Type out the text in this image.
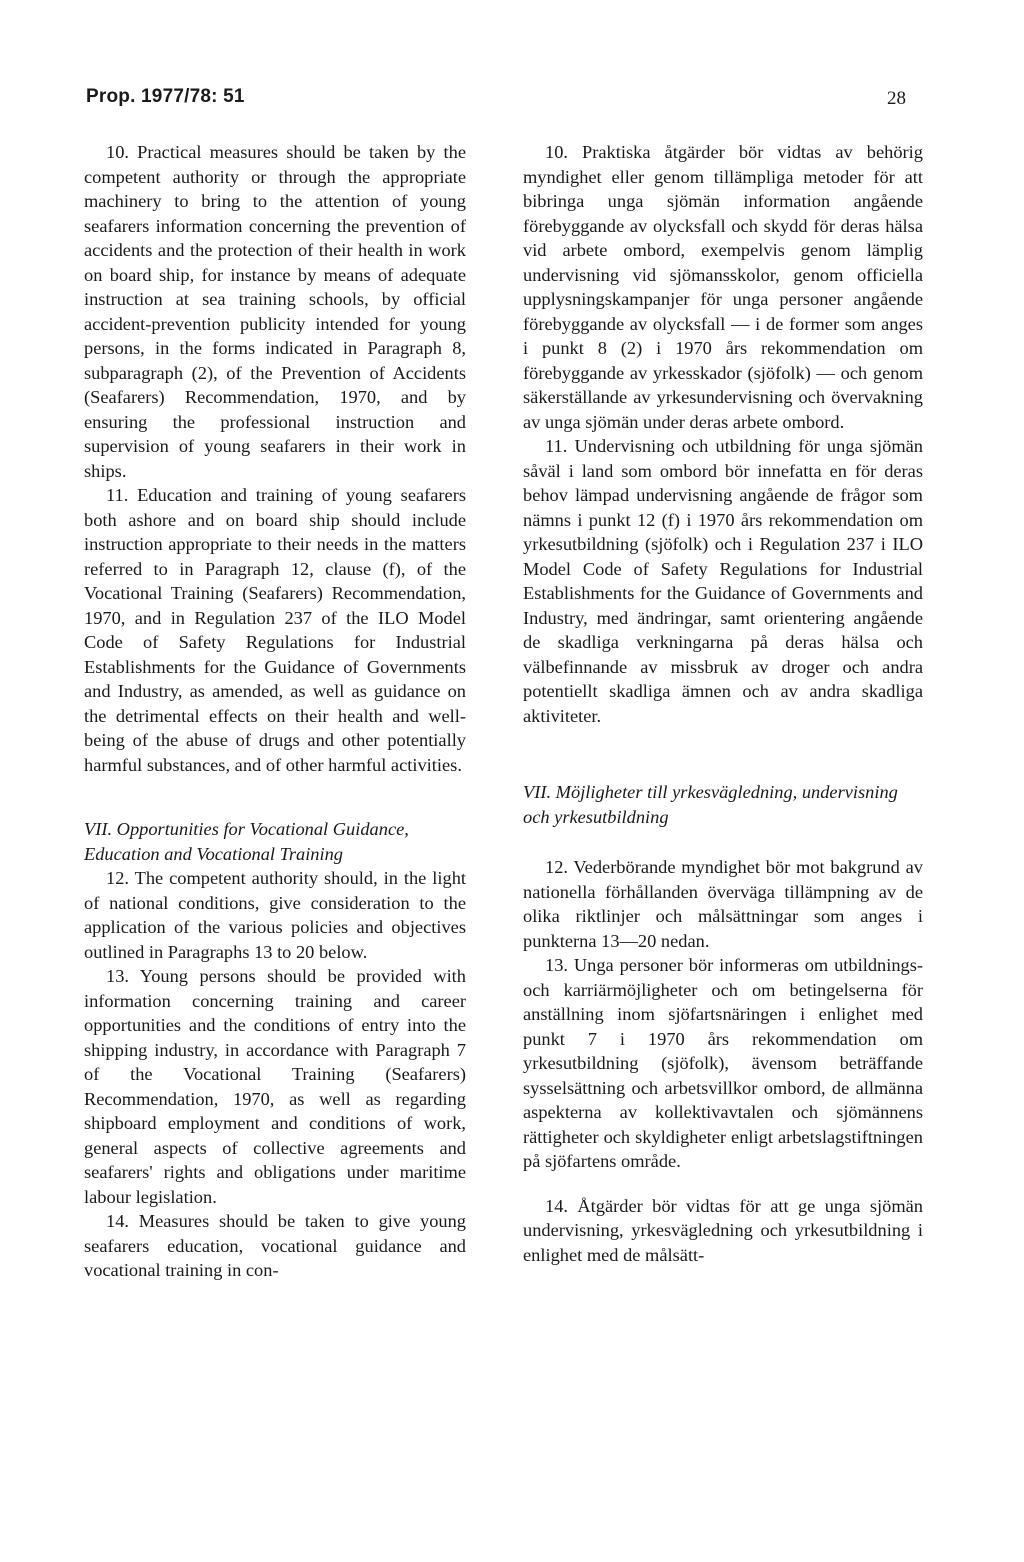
Prop. 1977/78: 51	28

10. Practical measures should be taken by the competent authority or through the appropriate machinery to bring to the attention of young seafarers information concerning the prevention of accidents and the protection of their health in work on board ship, for instance by means of adequate instruction at sea training schools, by official accident-prevention publicity intended for young persons, in the forms indicated in Paragraph 8, subparagraph (2), of the Prevention of Accidents (Seafarers) Recommendation, 1970, and by ensuring the professional instruction and supervision of young seafarers in their work in ships.

11. Education and training of young seafarers both ashore and on board ship should include instruction appropriate to their needs in the matters referred to in Paragraph 12, clause (f), of the Vocational Training (Seafarers) Recommendation, 1970, and in Regulation 237 of the ILO Model Code of Safety Regulations for Industrial Establishments for the Guidance of Governments and Industry, as amended, as well as guidance on the detrimental effects on their health and well-being of the abuse of drugs and other potentially harmful substances, and of other harmful activities.

VII. Opportunities for Vocational Guidance, Education and Vocational Training

12. The competent authority should, in the light of national conditions, give consideration to the application of the various policies and objectives outlined in Paragraphs 13 to 20 below.

13. Young persons should be provided with information concerning training and career opportunities and the conditions of entry into the shipping industry, in accordance with Paragraph 7 of the Vocational Training (Seafarers) Recommendation, 1970, as well as regarding shipboard employment and conditions of work, general aspects of collective agreements and seafarers' rights and obligations under maritime labour legislation.

14. Measures should be taken to give young seafarers education, vocational guidance and vocational training in con-

10. Praktiska åtgärder bör vidtas av behörig myndighet eller genom tillämpliga metoder för att bibringa unga sjömän information angående förebyggande av olycksfall och skydd för deras hälsa vid arbete ombord, exempelvis genom lämplig undervisning vid sjömansskolor, genom officiella upplysningskampanjer för unga personer angående förebyggande av olycksfall — i de former som anges i punkt 8 (2) i 1970 års rekommendation om förebyggande av yrkesskador (sjöfolk) — och genom säkerställande av yrkesundervisning och övervakning av unga sjömän under deras arbete ombord.

11. Undervisning och utbildning för unga sjömän såväl i land som ombord bör innefatta en för deras behov lämpad undervisning angående de frågor som nämns i punkt 12 (f) i 1970 års rekommendation om yrkesutbildning (sjöfolk) och i Regulation 237 i ILO Model Code of Safety Regulations for Industrial Establishments for the Guidance of Governments and Industry, med ändringar, samt orientering angående de skadliga verkningarna på deras hälsa och välbefinnande av missbruk av droger och andra potentiellt skadliga ämnen och av andra skadliga aktiviteter.

VII. Möjligheter till yrkesvägledning, undervisning och yrkesutbildning

12. Vederbörande myndighet bör mot bakgrund av nationella förhållanden överväga tillämpning av de olika riktlinjer och målsättningar som anges i punkterna 13—20 nedan.

13. Unga personer bör informeras om utbildnings- och karriärmöjligheter och om betingelserna för anställning inom sjöfartsnäringen i enlighet med punkt 7 i 1970 års rekommendation om yrkesutbildning (sjöfolk), ävensom beträffande sysselsättning och arbetsvillkor ombord, de allmänna aspekterna av kollektivavtalen och sjömännens rättigheter och skyldigheter enligt arbetslagstiftningen på sjöfartens område.

14. Åtgärder bör vidtas för att ge unga sjömän undervisning, yrkesvägledning och yrkesutbildning i enlighet med de målsätt-
